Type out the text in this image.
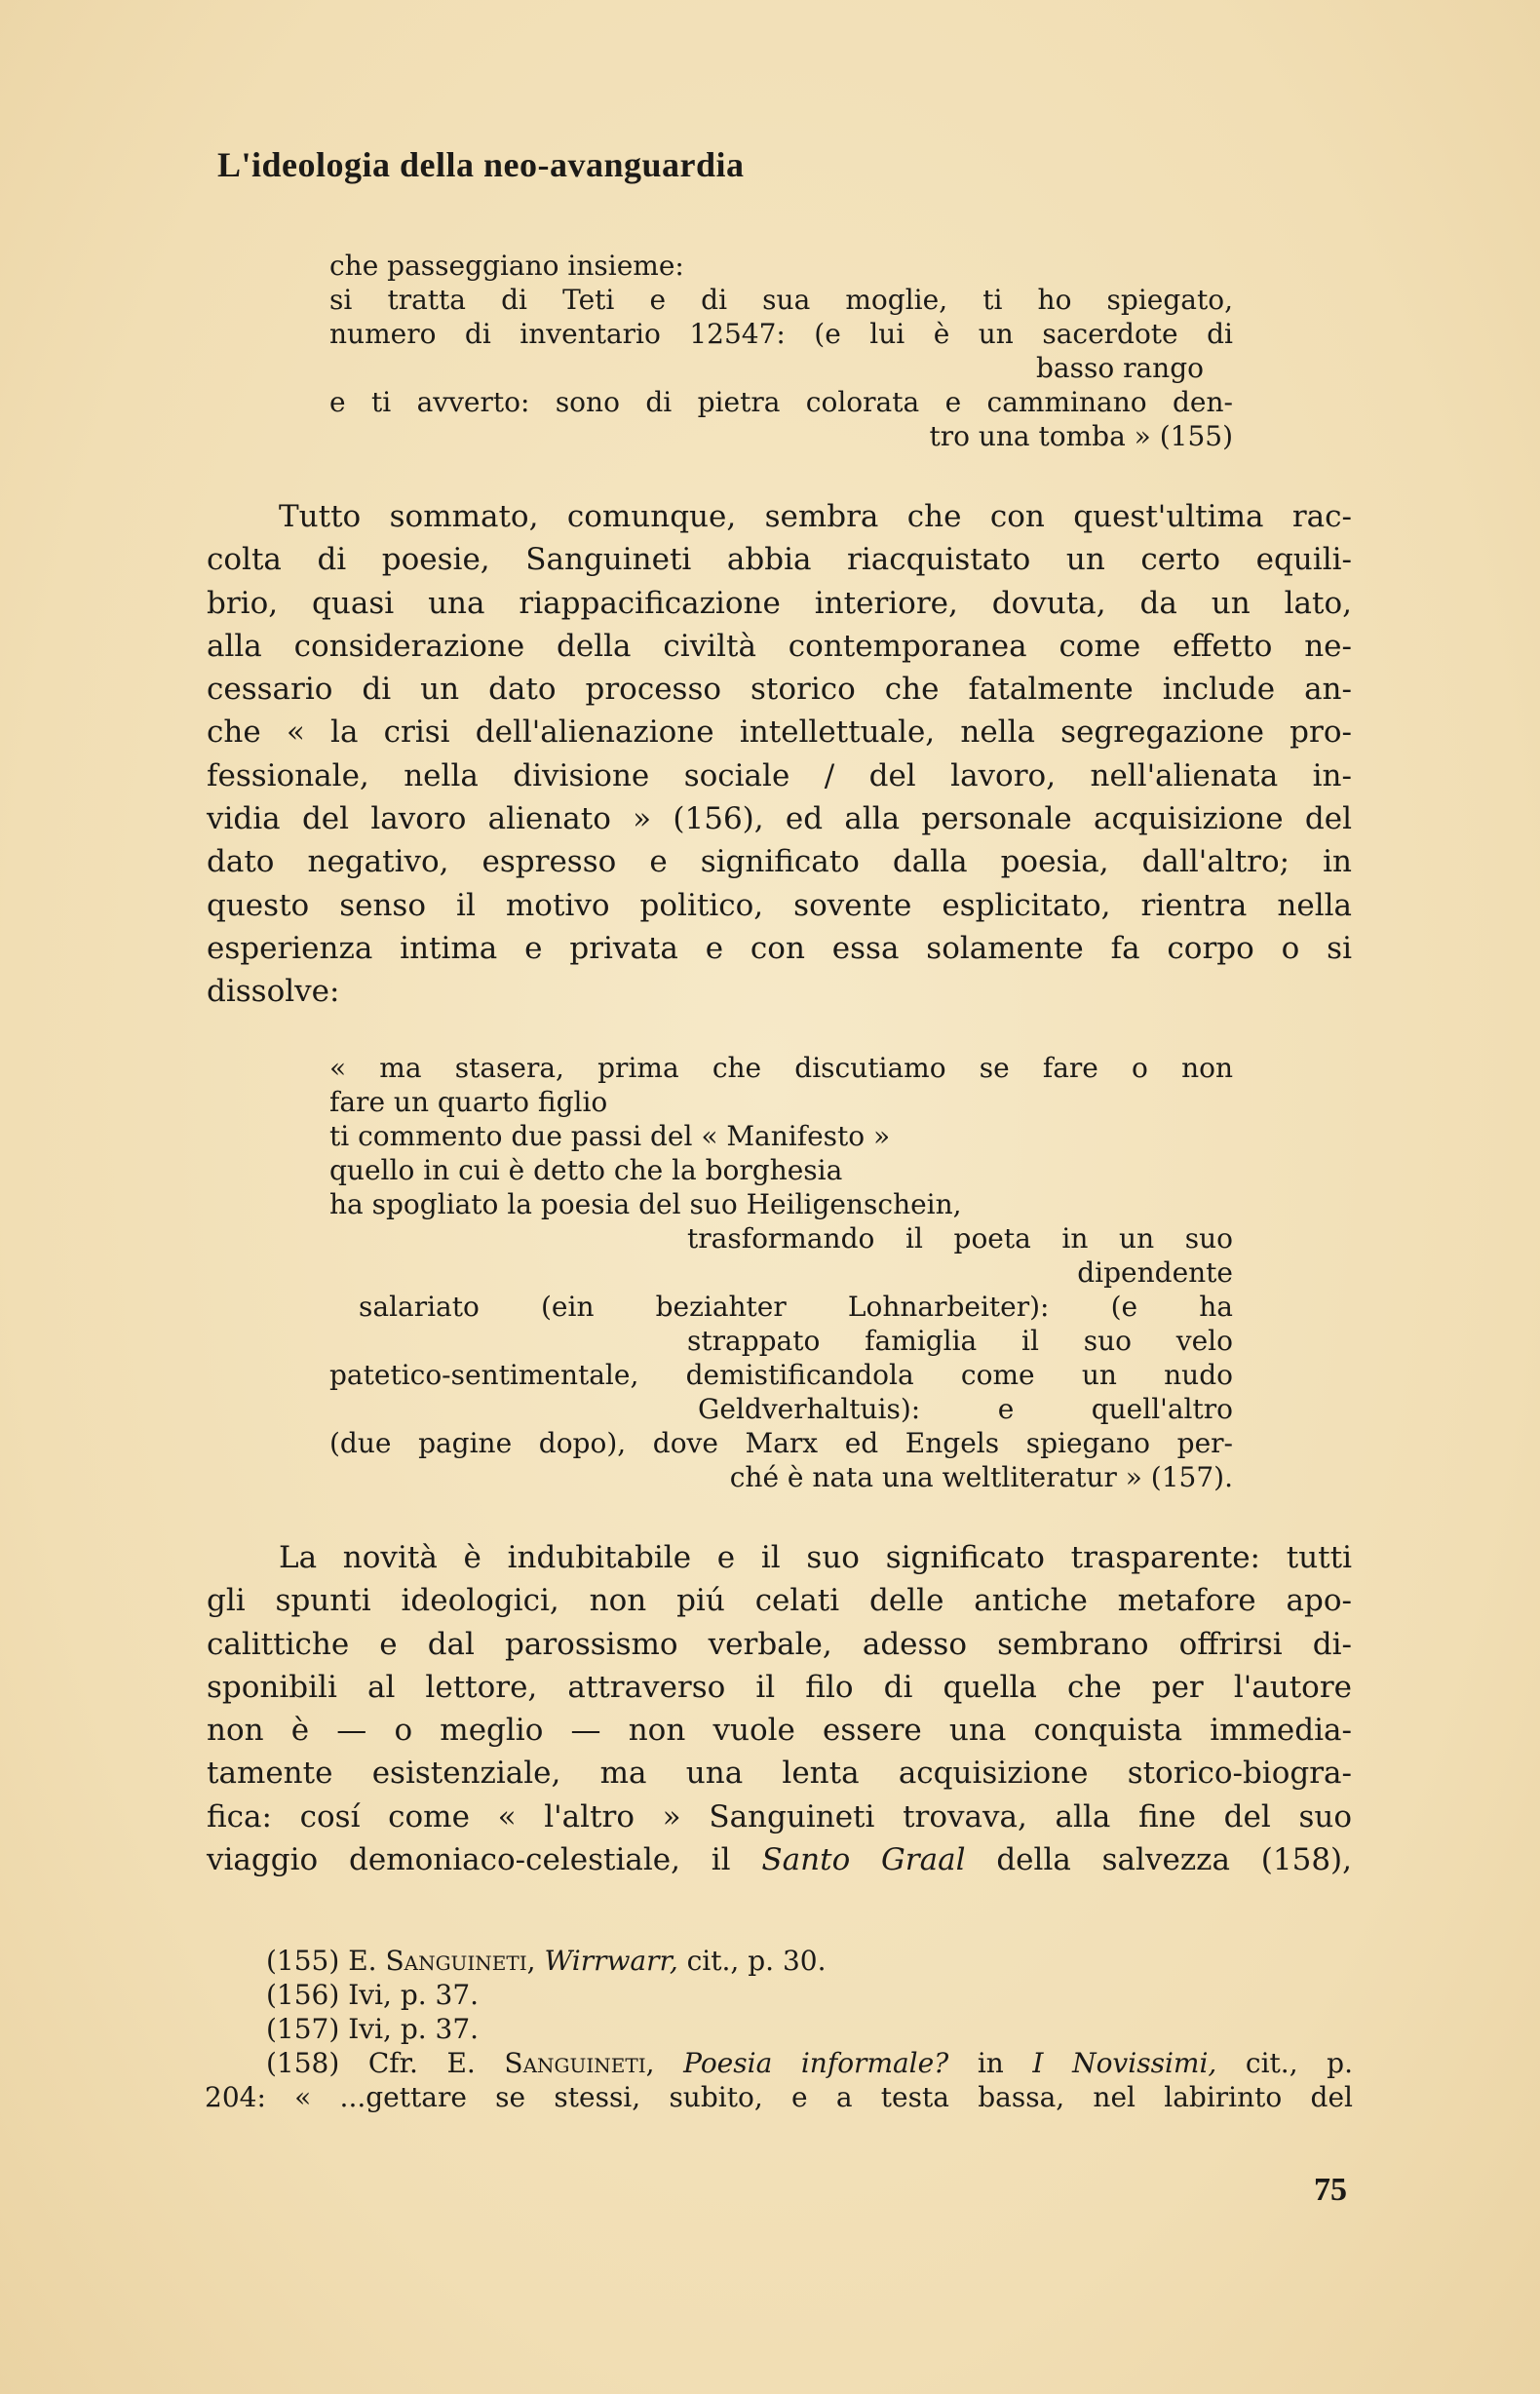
L'ideologia della neo-avanguardia
che passeggiano insieme:
si tratta di Teti e di sua moglie, ti ho spiegato,
numero di inventario 12547: (e lui è un sacerdote di
basso rango
e ti avverto: sono di pietra colorata e camminano den-
tro una tomba » (155)
Tutto sommato, comunque, sembra che con quest'ultima rac-
colta di poesie, Sanguineti abbia riacquistato un certo equili-
brio, quasi una riappacificazione interiore, dovuta, da un lato,
alla considerazione della civiltà contemporanea come effetto ne-
cessario di un dato processo storico che fatalmente include an-
che « la crisi dell'alienazione intellettuale, nella segregazione pro-
fessionale, nella divisione sociale / del lavoro, nell'alienata in-
vidia del lavoro alienato » (156), ed alla personale acquisizione del
dato negativo, espresso e significato dalla poesia, dall'altro; in
questo senso il motivo politico, sovente esplicitato, rientra nella
esperienza intima e privata e con essa solamente fa corpo o si
dissolve:
« ma stasera, prima che discutiamo se fare o non
fare un quarto figlio
ti commento due passi del « Manifesto »
quello in cui è detto che la borghesia
ha spogliato la poesia del suo Heiligenschein,
trasformando il poeta in un suo
dipendente
salariato (ein beziahter Lohnarbeiter): (e ha
strappato famiglia il suo velo
patetico-sentimentale, demistificandola come un nudo
Geldverhaltuis): e quell'altro
(due pagine dopo), dove Marx ed Engels spiegano per-
ché è nata una weltliteratur » (157).
La novità è indubitabile e il suo significato trasparente: tutti
gli spunti ideologici, non piú celati delle antiche metafore apo-
calittiche e dal parossismo verbale, adesso sembrano offrirsi di-
sponibili al lettore, attraverso il filo di quella che per l'autore
non è — o meglio — non vuole essere una conquista immedia-
tamente esistenziale, ma una lenta acquisizione storico-biogra-
fica: cosí come « l'altro » Sanguineti trovava, alla fine del suo
viaggio demoniaco-celestiale, il Santo Graal della salvezza (158),
(155) E. Sanguineti, Wirrwarr, cit., p. 30.
(156) Ivi, p. 37.
(157) Ivi, p. 37.
(158) Cfr. E. Sanguineti, Poesia informale? in I Novissimi, cit., p.
204: « ...gettare se stessi, subito, e a testa bassa, nel labirinto del
75
